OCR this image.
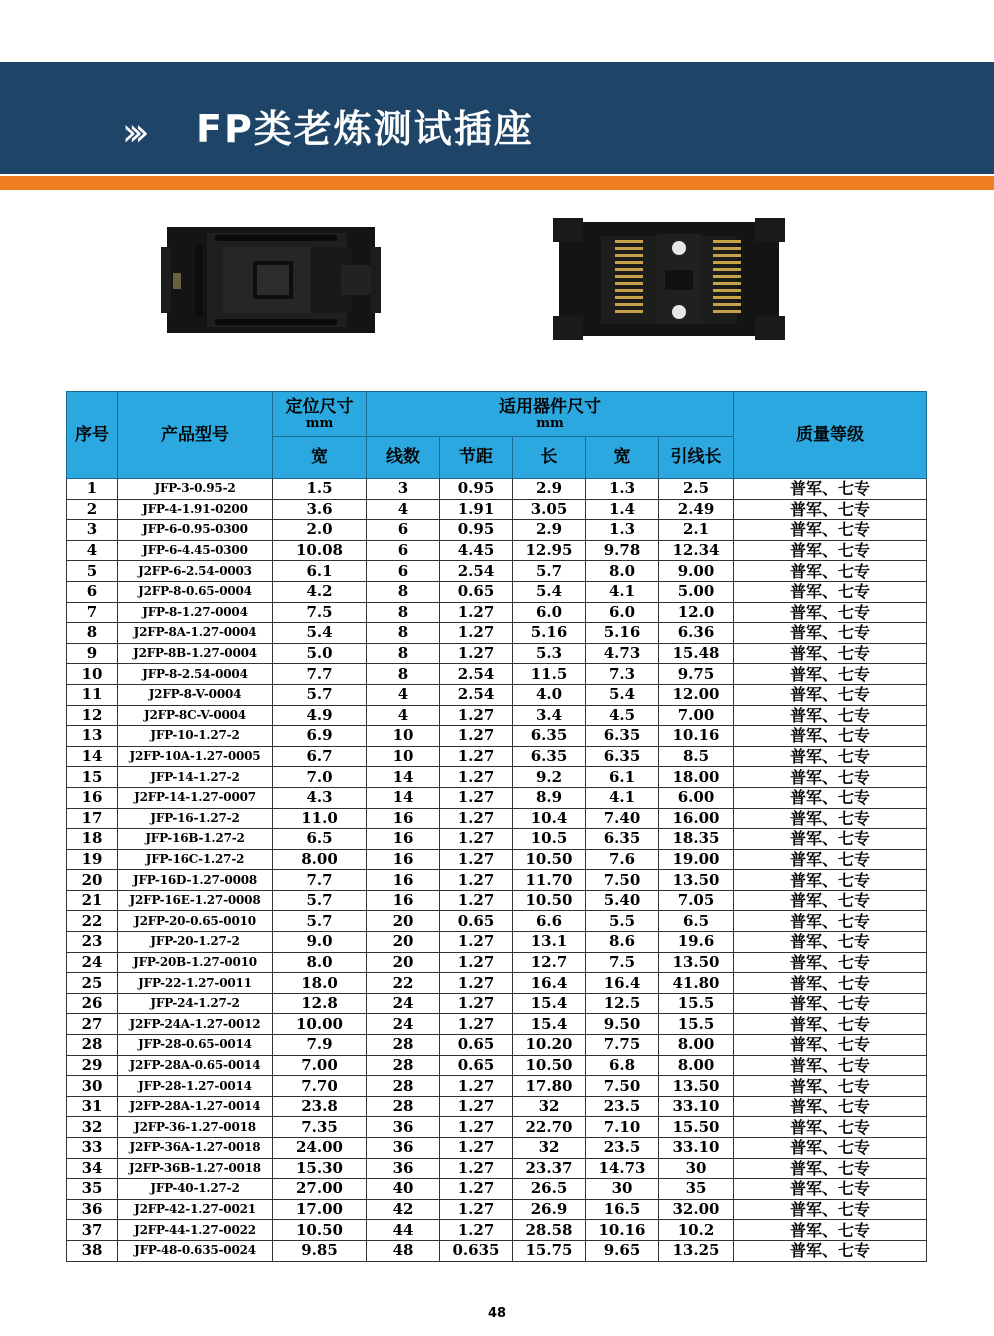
››› FP类老炼测试插座
序号	产品型号	定位尺寸
mm	适用器件尺寸
mm					质量等级
		宽	线数	节距	长	宽	引线长	
1	JFP-3-0.95-2	1.5	3	0.95	2.9	1.3	2.5	普军、七专
2	JFP-4-1.91-0200	3.6	4	1.91	3.05	1.4	2.49	普军、七专
3	JFP-6-0.95-0300	2.0	6	0.95	2.9	1.3	2.1	普军、七专
4	JFP-6-4.45-0300	10.08	6	4.45	12.95	9.78	12.34	普军、七专
5	J2FP-6-2.54-0003	6.1	6	2.54	5.7	8.0	9.00	普军、七专
6	J2FP-8-0.65-0004	4.2	8	0.65	5.4	4.1	5.00	普军、七专
7	JFP-8-1.27-0004	7.5	8	1.27	6.0	6.0	12.0	普军、七专
8	J2FP-8A-1.27-0004	5.4	8	1.27	5.16	5.16	6.36	普军、七专
9	J2FP-8B-1.27-0004	5.0	8	1.27	5.3	4.73	15.48	普军、七专
10	JFP-8-2.54-0004	7.7	8	2.54	11.5	7.3	9.75	普军、七专
11	J2FP-8-V-0004	5.7	4	2.54	4.0	5.4	12.00	普军、七专
12	J2FP-8C-V-0004	4.9	4	1.27	3.4	4.5	7.00	普军、七专
13	JFP-10-1.27-2	6.9	10	1.27	6.35	6.35	10.16	普军、七专
14	J2FP-10A-1.27-0005	6.7	10	1.27	6.35	6.35	8.5	普军、七专
15	JFP-14-1.27-2	7.0	14	1.27	9.2	6.1	18.00	普军、七专
16	J2FP-14-1.27-0007	4.3	14	1.27	8.9	4.1	6.00	普军、七专
17	JFP-16-1.27-2	11.0	16	1.27	10.4	7.40	16.00	普军、七专
18	JFP-16B-1.27-2	6.5	16	1.27	10.5	6.35	18.35	普军、七专
19	JFP-16C-1.27-2	8.00	16	1.27	10.50	7.6	19.00	普军、七专
20	JFP-16D-1.27-0008	7.7	16	1.27	11.70	7.50	13.50	普军、七专
21	J2FP-16E-1.27-0008	5.7	16	1.27	10.50	5.40	7.05	普军、七专
22	J2FP-20-0.65-0010	5.7	20	0.65	6.6	5.5	6.5	普军、七专
23	JFP-20-1.27-2	9.0	20	1.27	13.1	8.6	19.6	普军、七专
24	JFP-20B-1.27-0010	8.0	20	1.27	12.7	7.5	13.50	普军、七专
25	JFP-22-1.27-0011	18.0	22	1.27	16.4	16.4	41.80	普军、七专
26	JFP-24-1.27-2	12.8	24	1.27	15.4	12.5	15.5	普军、七专
27	J2FP-24A-1.27-0012	10.00	24	1.27	15.4	9.50	15.5	普军、七专
28	JFP-28-0.65-0014	7.9	28	0.65	10.20	7.75	8.00	普军、七专
29	J2FP-28A-0.65-0014	7.00	28	0.65	10.50	6.8	8.00	普军、七专
30	JFP-28-1.27-0014	7.70	28	1.27	17.80	7.50	13.50	普军、七专
31	J2FP-28A-1.27-0014	23.8	28	1.27	32	23.5	33.10	普军、七专
32	J2FP-36-1.27-0018	7.35	36	1.27	22.70	7.10	15.50	普军、七专
33	J2FP-36A-1.27-0018	24.00	36	1.27	32	23.5	33.10	普军、七专
34	J2FP-36B-1.27-0018	15.30	36	1.27	23.37	14.73	30	普军、七专
35	JFP-40-1.27-2	27.00	40	1.27	26.5	30	35	普军、七专
36	J2FP-42-1.27-0021	17.00	42	1.27	26.9	16.5	32.00	普军、七专
37	J2FP-44-1.27-0022	10.50	44	1.27	28.58	10.16	10.2	普军、七专
38	JFP-48-0.635-0024	9.85	48	0.635	15.75	9.65	13.25	普军、七专
48
